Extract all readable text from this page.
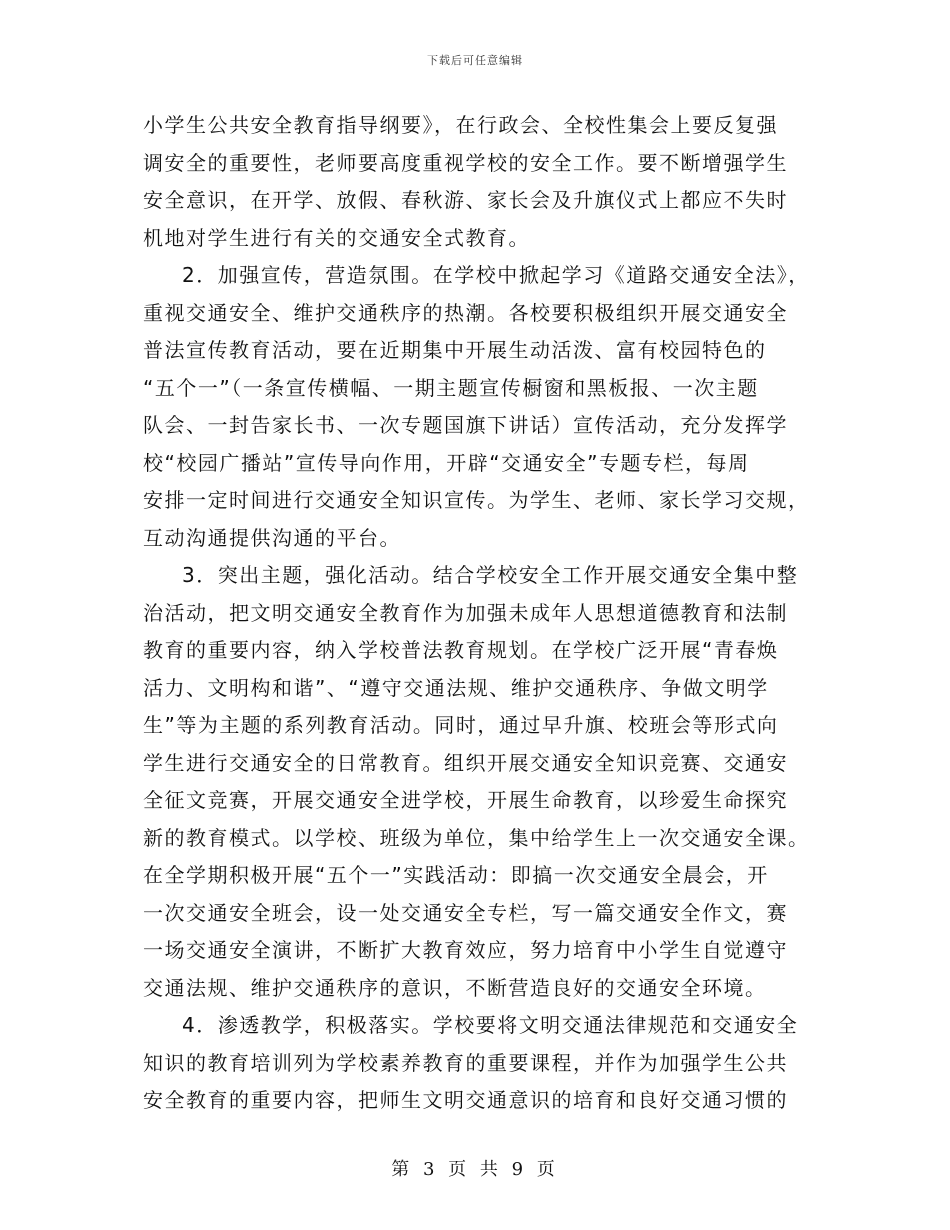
下载后可任意编辑
小学生公共安全教育指导纲要》，在行政会、全校性集会上要反复强
调安全的重要性，老师要高度重视学校的安全工作。要不断增强学生
安全意识，在开学、放假、春秋游、家长会及升旗仪式上都应不失时
机地对学生进行有关的交通安全式教育。
2．加强宣传，营造氛围。在学校中掀起学习《道路交通安全法》，
重视交通安全、维护交通秩序的热潮。各校要积极组织开展交通安全
普法宣传教育活动，要在近期集中开展生动活泼、富有校园特色的
“五个一”（一条宣传横幅、一期主题宣传橱窗和黑板报、一次主题
队会、一封告家长书、一次专题国旗下讲话）宣传活动，充分发挥学
校“校园广播站”宣传导向作用，开辟“交通安全”专题专栏，每周
安排一定时间进行交通安全知识宣传。为学生、老师、家长学习交规，
互动沟通提供沟通的平台。
3．突出主题，强化活动。结合学校安全工作开展交通安全集中整
治活动，把文明交通安全教育作为加强未成年人思想道德教育和法制
教育的重要内容，纳入学校普法教育规划。在学校广泛开展“青春焕
活力、文明构和谐”、“遵守交通法规、维护交通秩序、争做文明学
生”等为主题的系列教育活动。同时，通过早升旗、校班会等形式向
学生进行交通安全的日常教育。组织开展交通安全知识竞赛、交通安
全征文竞赛，开展交通安全进学校，开展生命教育，以珍爱生命探究
新的教育模式。以学校、班级为单位，集中给学生上一次交通安全课。
在全学期积极开展“五个一”实践活动：即搞一次交通安全晨会，开
一次交通安全班会，设一处交通安全专栏，写一篇交通安全作文，赛
一场交通安全演讲，不断扩大教育效应，努力培育中小学生自觉遵守
交通法规、维护交通秩序的意识，不断营造良好的交通安全环境。
4．渗透教学，积极落实。学校要将文明交通法律规范和交通安全
知识的教育培训列为学校素养教育的重要课程，并作为加强学生公共
安全教育的重要内容，把师生文明交通意识的培育和良好交通习惯的
第 3 页 共 9 页
